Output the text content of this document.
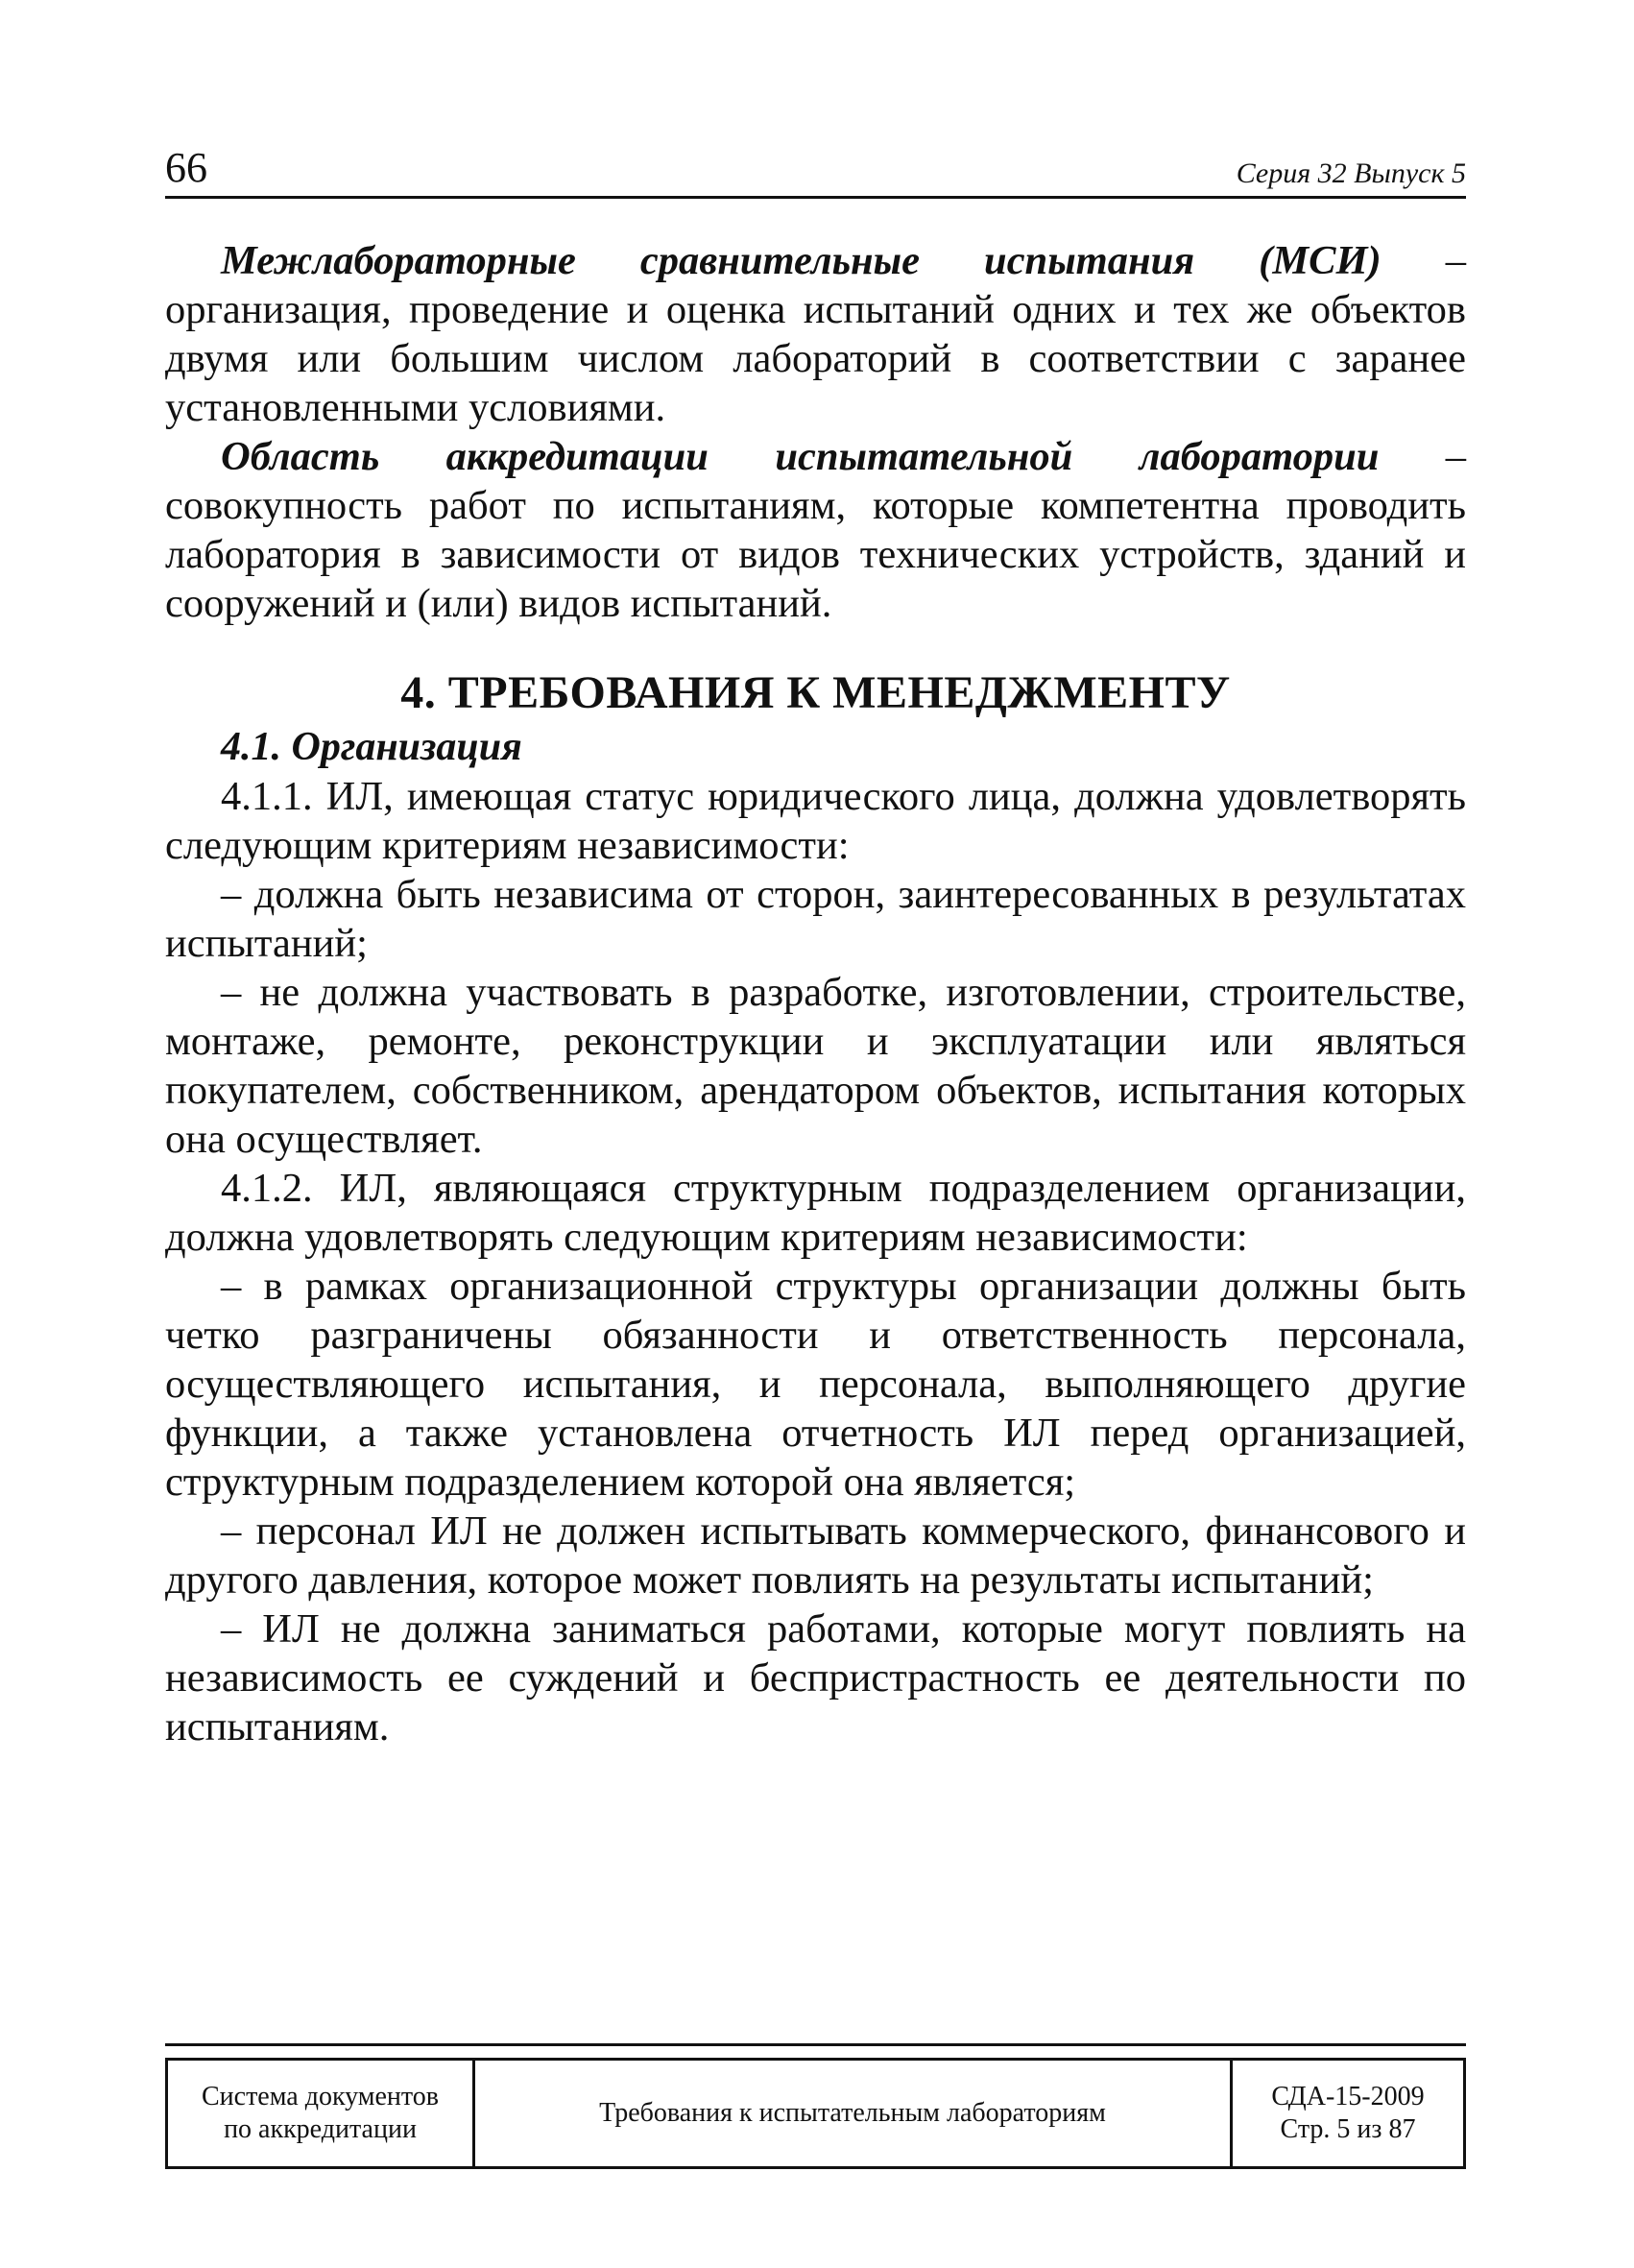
66	Серия 32 Выпуск 5

Межлабораторные сравнительные испытания (МСИ) – организация, проведение и оценка испытаний одних и тех же объектов двумя или большим числом лабораторий в соответствии с заранее установленными условиями.

Область аккредитации испытательной лаборатории – совокупность работ по испытаниям, которые компетентна проводить лаборатория в зависимости от видов технических устройств, зданий и сооружений и (или) видов испытаний.

4. ТРЕБОВАНИЯ К МЕНЕДЖМЕНТУ
4.1. Организация

4.1.1. ИЛ, имеющая статус юридического лица, должна удовлетворять следующим критериям независимости:

– должна быть независима от сторон, заинтересованных в результатах испытаний;

– не должна участвовать в разработке, изготовлении, строительстве, монтаже, ремонте, реконструкции и эксплуатации или являться покупателем, собственником, арендатором объектов, испытания которых она осуществляет.

4.1.2. ИЛ, являющаяся структурным подразделением организации, должна удовлетворять следующим критериям независимости:

– в рамках организационной структуры организации должны быть четко разграничены обязанности и ответственность персонала, осуществляющего испытания, и персонала, выполняющего другие функции, а также установлена отчетность ИЛ перед организацией, структурным подразделением которой она является;

– персонал ИЛ не должен испытывать коммерческого, финансового и другого давления, которое может повлиять на результаты испытаний;

– ИЛ не должна заниматься работами, которые могут повлиять на независимость ее суждений и беспристрастность ее деятельности по испытаниям.

Система документов
по аккредитации
Требования к испытательным лабораториям
СДА-15-2009
Стр. 5 из 87
